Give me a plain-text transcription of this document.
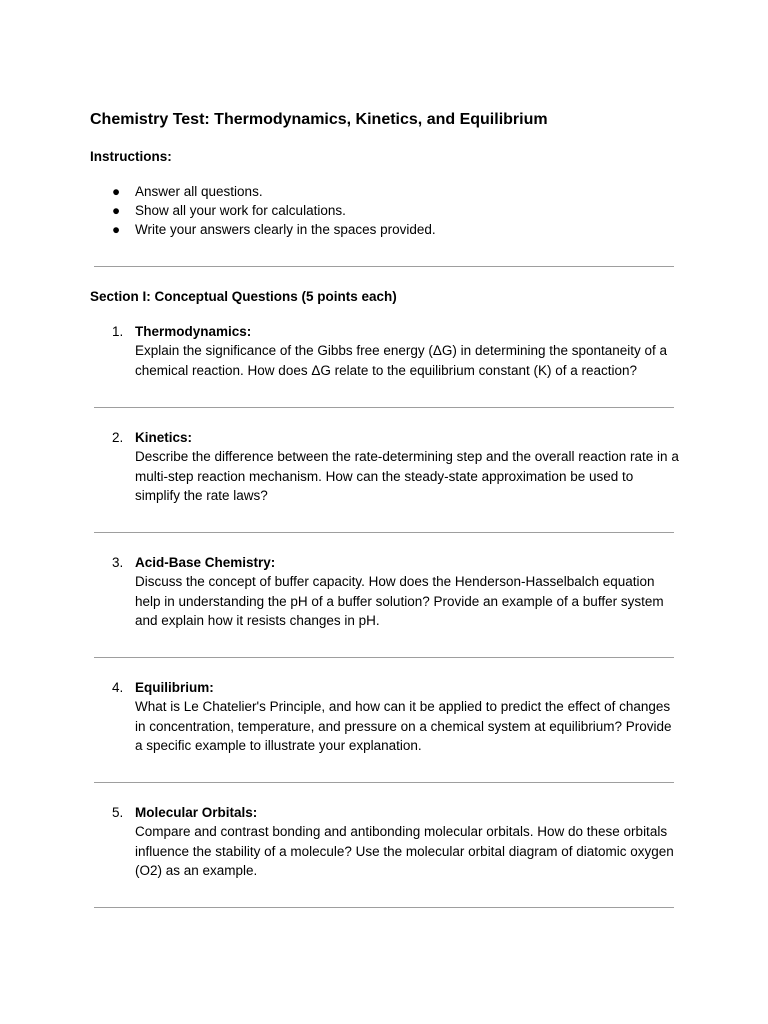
Chemistry Test: Thermodynamics, Kinetics, and Equilibrium
Instructions:
● Answer all questions.
● Show all your work for calculations.
● Write your answers clearly in the spaces provided.
Section I: Conceptual Questions (5 points each)
1. Thermodynamics:
Explain the significance of the Gibbs free energy (ΔG) in determining the spontaneity of a chemical reaction. How does ΔG relate to the equilibrium constant (K) of a reaction?
2. Kinetics:
Describe the difference between the rate-determining step and the overall reaction rate in a multi-step reaction mechanism. How can the steady-state approximation be used to simplify the rate laws?
3. Acid-Base Chemistry:
Discuss the concept of buffer capacity. How does the Henderson-Hasselbalch equation help in understanding the pH of a buffer solution? Provide an example of a buffer system and explain how it resists changes in pH.
4. Equilibrium:
What is Le Chatelier's Principle, and how can it be applied to predict the effect of changes in concentration, temperature, and pressure on a chemical system at equilibrium? Provide a specific example to illustrate your explanation.
5. Molecular Orbitals:
Compare and contrast bonding and antibonding molecular orbitals. How do these orbitals influence the stability of a molecule? Use the molecular orbital diagram of diatomic oxygen (O2) as an example.
